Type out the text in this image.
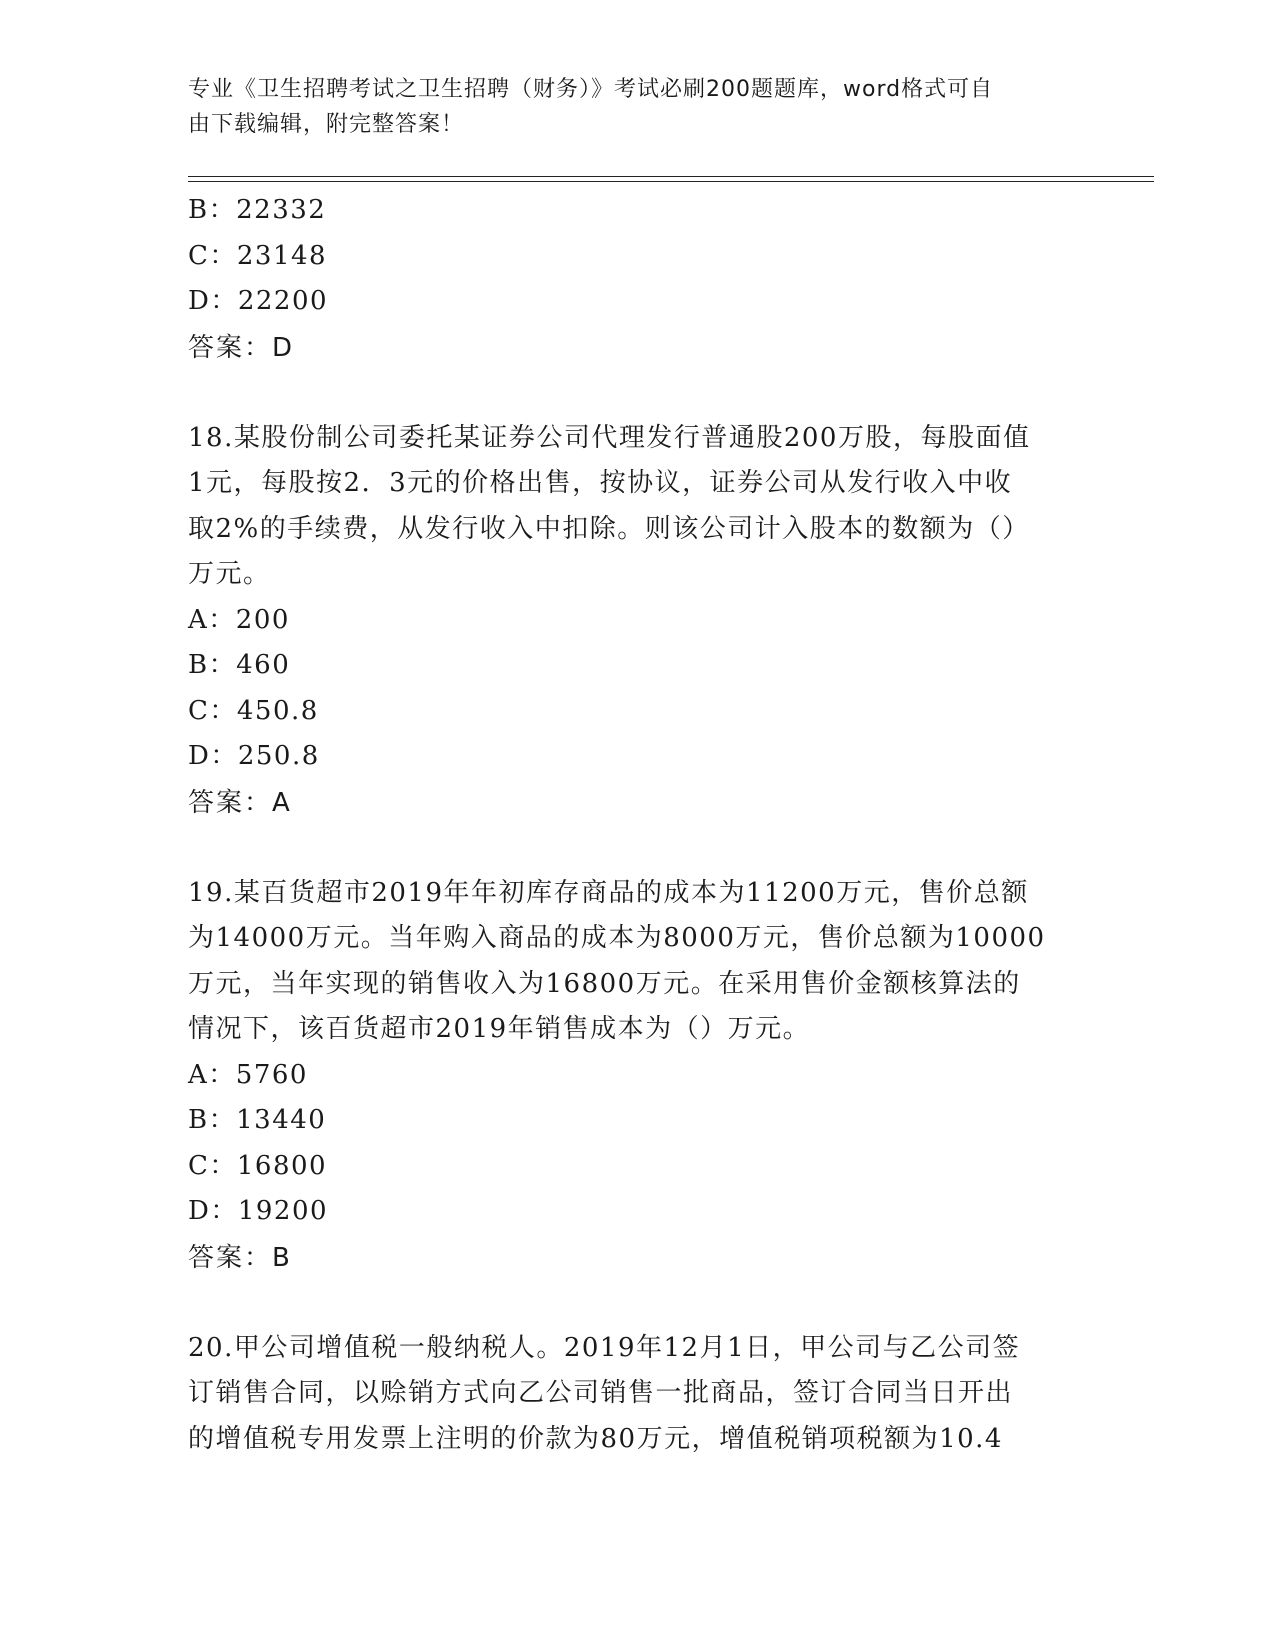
专业《卫生招聘考试之卫生招聘（财务）》考试必刷200题题库，word格式可自
由下载编辑，附完整答案！
B：22332
C：23148
D：22200
答案：D
18.某股份制公司委托某证券公司代理发行普通股200万股，每股面值
1元，每股按2．3元的价格出售，按协议，证券公司从发行收入中收
取2%的手续费，从发行收入中扣除。则该公司计入股本的数额为（）
万元。
A：200
B：460
C：450.8
D：250.8
答案：A
19.某百货超市2019年年初库存商品的成本为11200万元，售价总额
为14000万元。当年购入商品的成本为8000万元，售价总额为10000
万元，当年实现的销售收入为16800万元。在采用售价金额核算法的
情况下，该百货超市2019年销售成本为（）万元。
A：5760
B：13440
C：16800
D：19200
答案：B
20.甲公司增值税一般纳税人。2019年12月1日，甲公司与乙公司签
订销售合同，以赊销方式向乙公司销售一批商品，签订合同当日开出
的增值税专用发票上注明的价款为80万元，增值税销项税额为10.4
